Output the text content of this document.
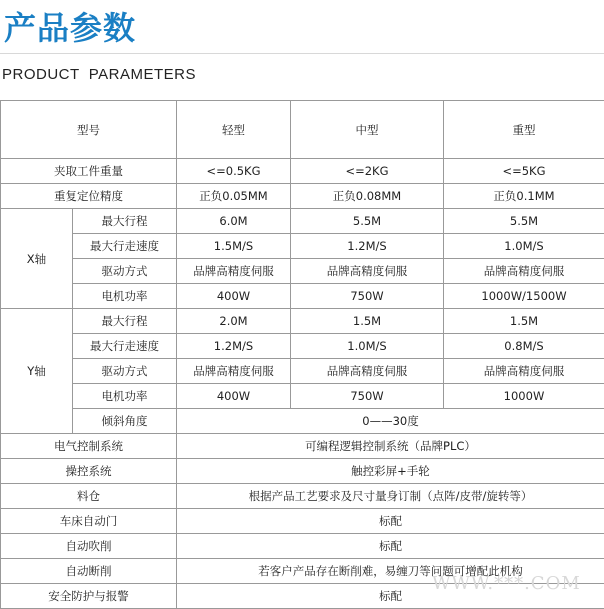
产品参数
PRODUCT  PARAMETERS
型号		轻型	中型	重型
夹取工件重量		<=0.5KG	<=2KG	<=5KG
重复定位精度		正负0.05MM	正负0.08MM	正负0.1MM
X轴	最大行程	6.0M	5.5M	5.5M
	最大行走速度	1.5M/S	1.2M/S	1.0M/S
	驱动方式	品牌高精度伺服	品牌高精度伺服	品牌高精度伺服
	电机功率	400W	750W	1000W/1500W
Y轴	最大行程	2.0M	1.5M	1.5M
	最大行走速度	1.2M/S	1.0M/S	0.8M/S
	驱动方式	品牌高精度伺服	品牌高精度伺服	品牌高精度伺服
	电机功率	400W	750W	1000W
	倾斜角度	0——30度		
电气控制系统		可编程逻辑控制系统（品牌PLC）		
操控系统		触控彩屏+手轮		
料仓		根据产品工艺要求及尺寸量身订制（点阵/皮带/旋转等）		
车床自动门		标配		
自动吹削		标配		
自动断削		若客户产品存在断削难，易缠刀等问题可增配此机构		
安全防护与报警		标配		
WWW.***.COM
